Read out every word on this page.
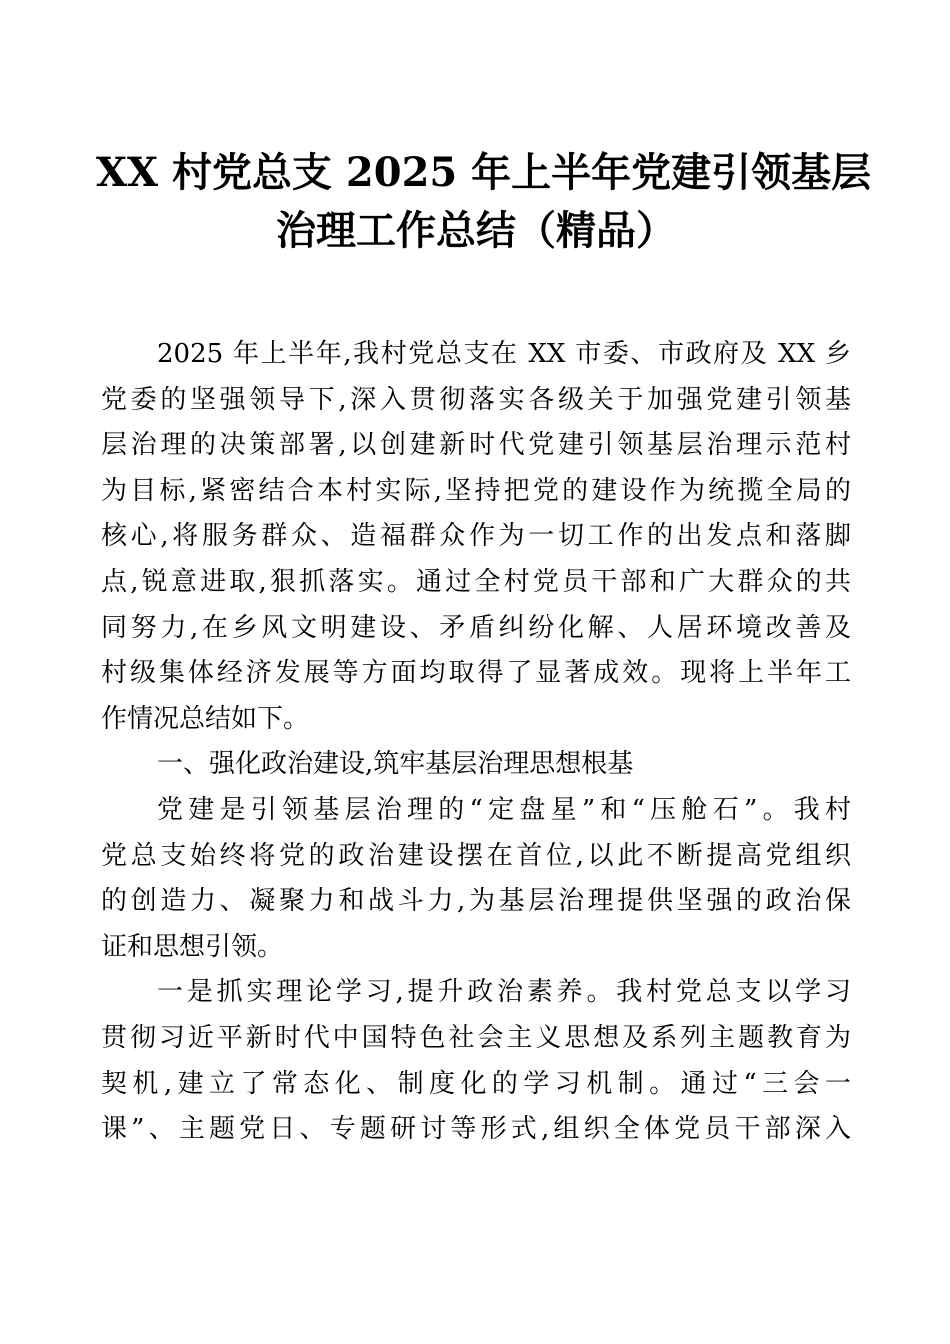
XX 村党总支 2025 年上半年党建引领基层
治理工作总结（精品）
2025 年上半年,我村党总支在 XX 市委、市政府及 XX 乡
党委的坚强领导下,深入贯彻落实各级关于加强党建引领基
层治理的决策部署,以创建新时代党建引领基层治理示范村
为目标,紧密结合本村实际,坚持把党的建设作为统揽全局的
核心,将服务群众、造福群众作为一切工作的出发点和落脚
点,锐意进取,狠抓落实。通过全村党员干部和广大群众的共
同努力,在乡风文明建设、矛盾纠纷化解、人居环境改善及
村级集体经济发展等方面均取得了显著成效。现将上半年工
作情况总结如下。
一、强化政治建设,筑牢基层治理思想根基
党建是引领基层治理的“定盘星”和“压舱石”。我村
党总支始终将党的政治建设摆在首位,以此不断提高党组织
的创造力、凝聚力和战斗力,为基层治理提供坚强的政治保
证和思想引领。
一是抓实理论学习,提升政治素养。我村党总支以学习
贯彻习近平新时代中国特色社会主义思想及系列主题教育为
契机,建立了常态化、制度化的学习机制。通过“三会一
课”、主题党日、专题研讨等形式,组织全体党员干部深入
